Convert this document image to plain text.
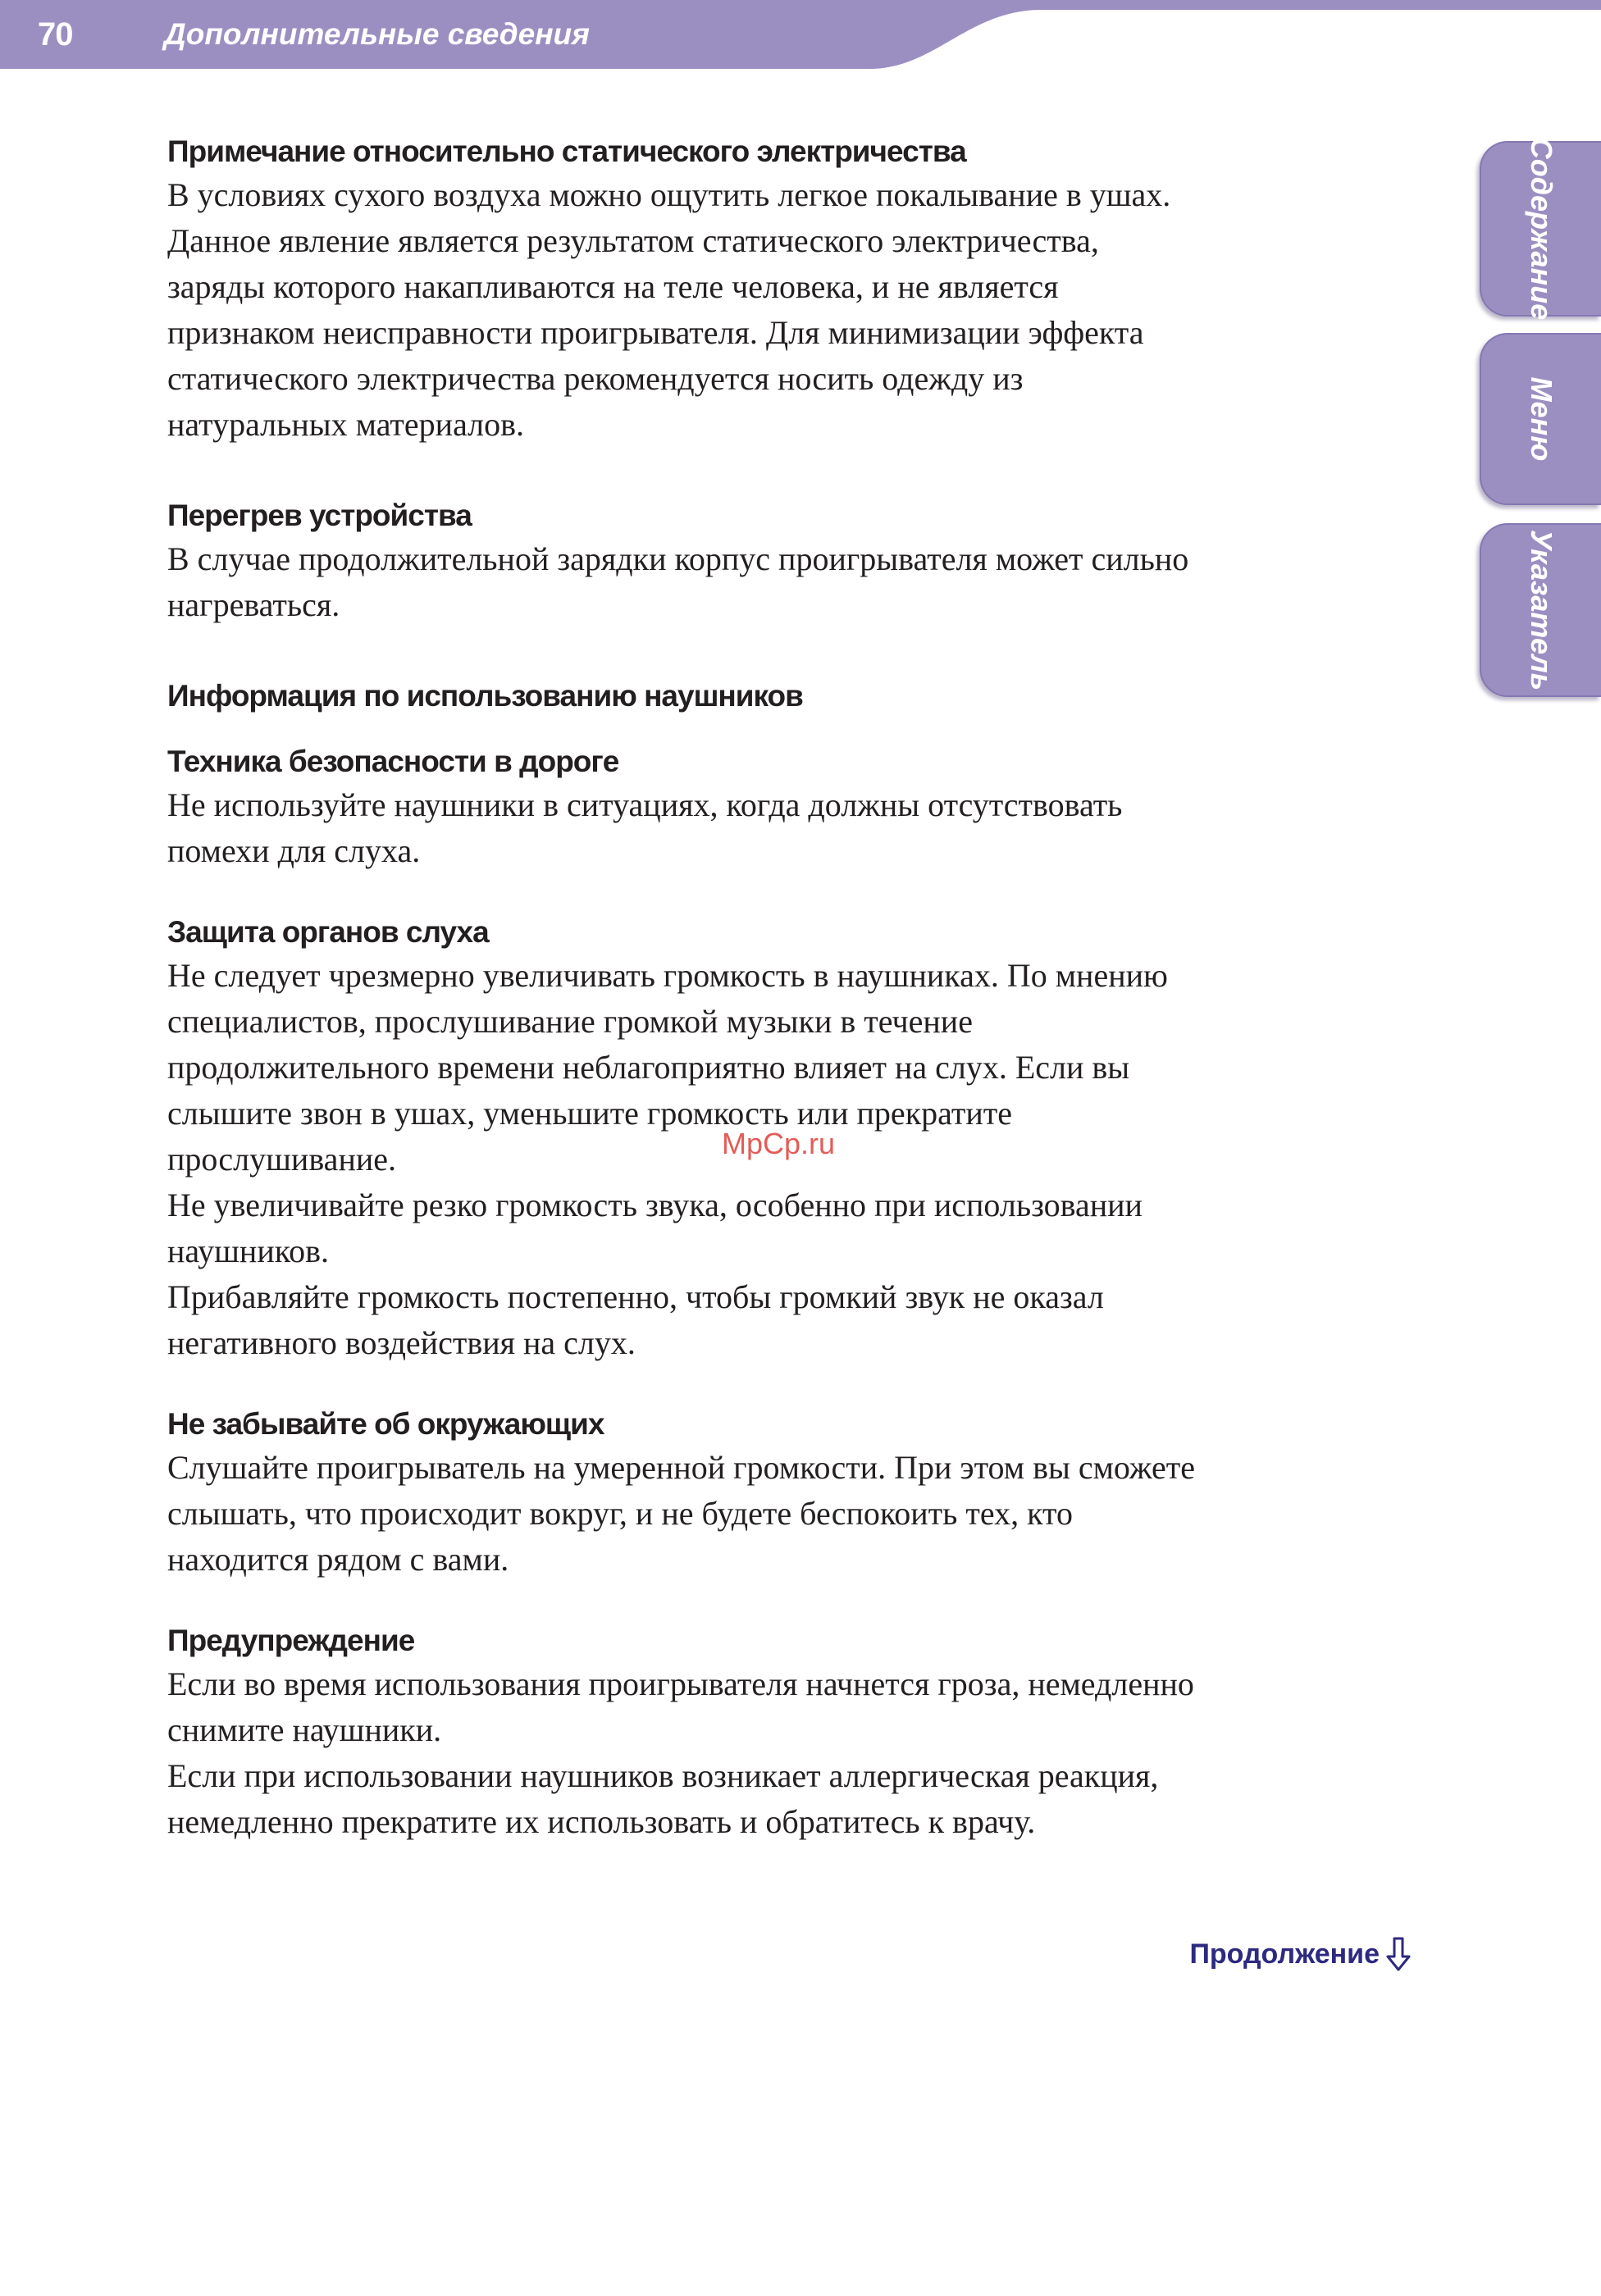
70	Дополнительные сведения
Содержание
Меню
Указатель
Примечание относительно статического электричества

В условиях сухого воздуха можно ощутить легкое покалывание в ушах.

Данное явление является результатом статического электричества,

заряды которого накапливаются на теле человека, и не является

признаком неисправности проигрывателя. Для минимизации эффекта

статического электричества рекомендуется носить одежду из

натуральных материалов.

Перегрев устройства

В случае продолжительной зарядки корпус проигрывателя может сильно

нагреваться.

Информация по использованию наушников
Техника безопасности в дороге

Не используйте наушники в ситуациях, когда должны отсутствовать

помехи для слуха.

Защита органов слуха

Не следует чрезмерно увеличивать громкость в наушниках. По мнению

специалистов, прослушивание громкой музыки в течение

продолжительного времени неблагоприятно влияет на слух. Если вы

слышите звон в ушах, уменьшите громкость или прекратите

прослушивание.

Не увеличивайте резко громкость звука, особенно при использовании

наушников.

Прибавляйте громкость постепенно, чтобы громкий звук не оказал

негативного воздействия на слух.

Не забывайте об окружающих

Слушайте проигрыватель на умеренной громкости. При этом вы сможете

слышать, что происходит вокруг, и не будете беспокоить тех, кто

находится рядом с вами.

Предупреждение

Если во время использования проигрывателя начнется гроза, немедленно

снимите наушники.

Если при использовании наушников возникает аллергическая реакция,

немедленно прекратите их использовать и обратитесь к врачу.

MpCp.ru
Продолжение
